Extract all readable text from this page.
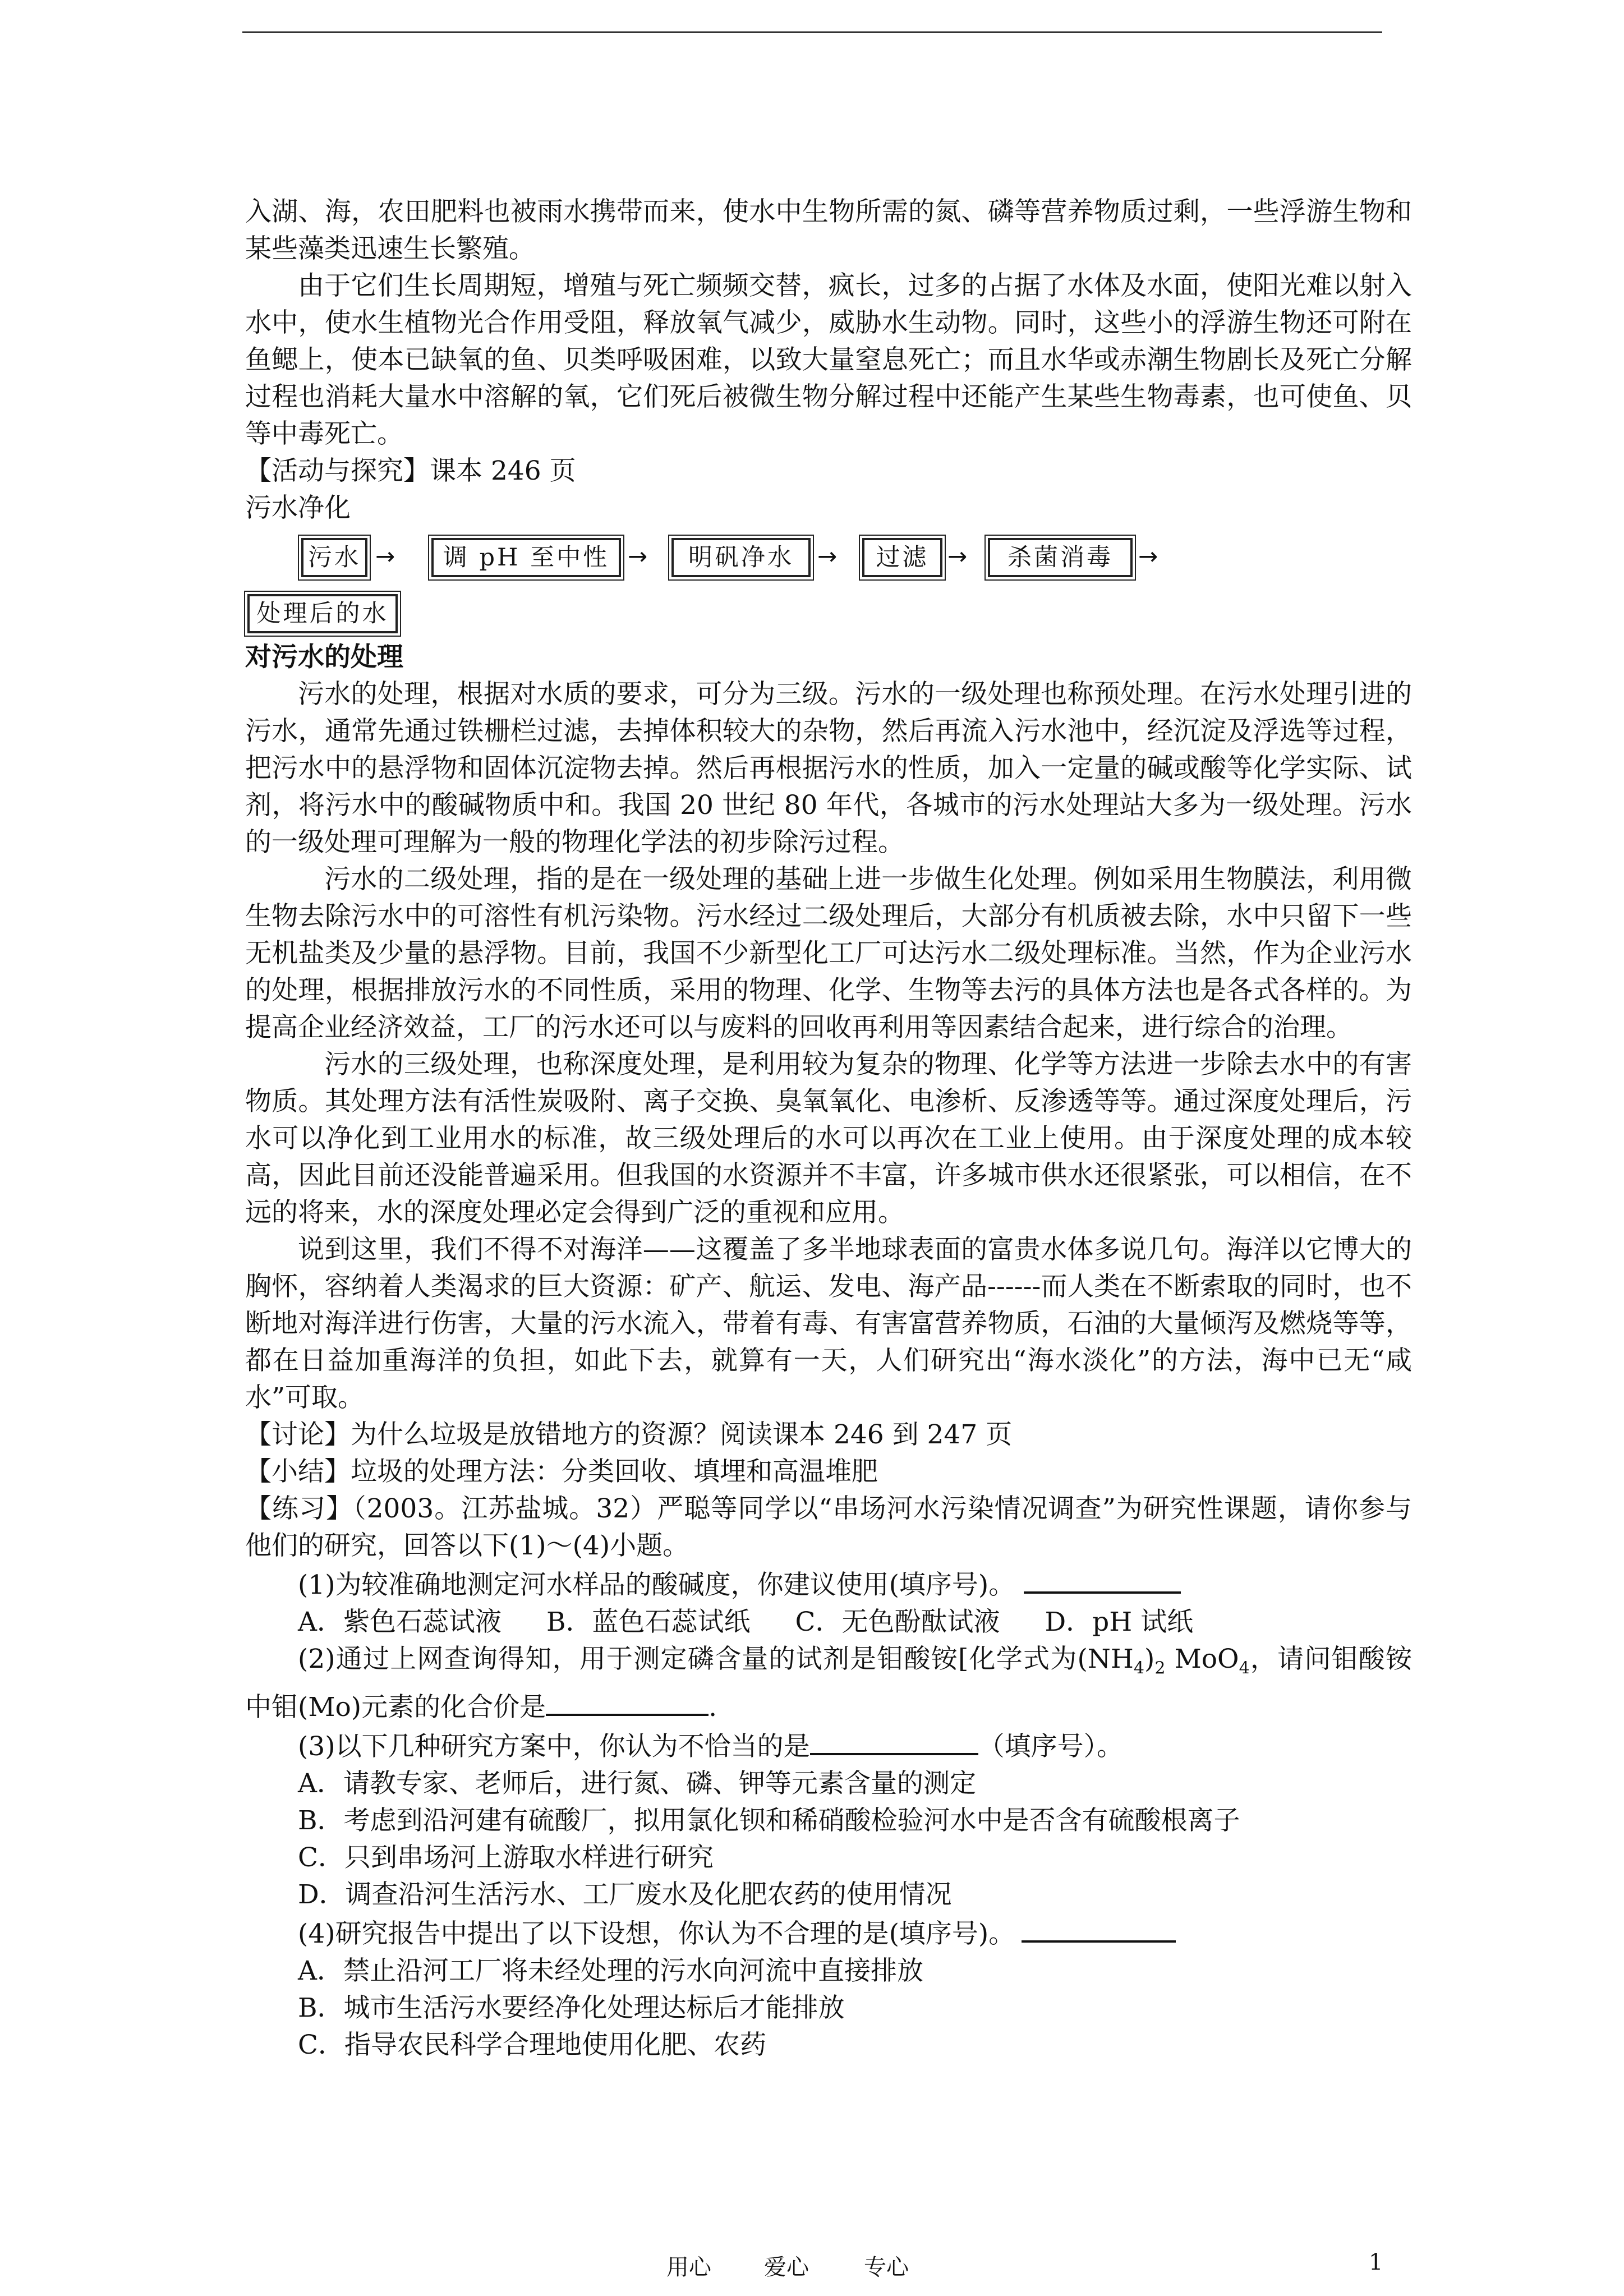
入湖、海，农田肥料也被雨水携带而来，使水中生物所需的氮、磷等营养物质过剩，一些浮游生物和某些藻类迅速生长繁殖。

由于它们生长周期短，增殖与死亡频频交替，疯长，过多的占据了水体及水面，使阳光难以射入水中，使水生植物光合作用受阻，释放氧气减少，威胁水生动物。同时，这些小的浮游生物还可附在鱼鳃上，使本已缺氧的鱼、贝类呼吸困难，以致大量窒息死亡；而且水华或赤潮生物剧长及死亡分解过程也消耗大量水中溶解的氧，它们死后被微生物分解过程中还能产生某些生物毒素，也可使鱼、贝等中毒死亡。

【活动与探究】课本 246 页

污水净化

污水 →	调 pH 至中性 →	明矾净水	→	过滤 →	杀菌消毒	→
处理后的水

对污水的处理

污水的处理，根据对水质的要求，可分为三级。污水的一级处理也称预处理。在污水处理引进的污水，通常先通过铁栅栏过滤，去掉体积较大的杂物，然后再流入污水池中，经沉淀及浮选等过程，把污水中的悬浮物和固体沉淀物去掉。然后再根据污水的性质，加入一定量的碱或酸等化学实际、试剂，将污水中的酸碱物质中和。我国 20 世纪 80 年代，各城市的污水处理站大多为一级处理。污水的一级处理可理解为一般的物理化学法的初步除污过程。

污水的二级处理，指的是在一级处理的基础上进一步做生化处理。例如采用生物膜法，利用微生物去除污水中的可溶性有机污染物。污水经过二级处理后，大部分有机质被去除，水中只留下一些无机盐类及少量的悬浮物。目前，我国不少新型化工厂可达污水二级处理标准。当然，作为企业污水的处理，根据排放污水的不同性质，采用的物理、化学、生物等去污的具体方法也是各式各样的。为提高企业经济效益，工厂的污水还可以与废料的回收再利用等因素结合起来，进行综合的治理。

污水的三级处理，也称深度处理，是利用较为复杂的物理、化学等方法进一步除去水中的有害物质。其处理方法有活性炭吸附、离子交换、臭氧氧化、电渗析、反渗透等等。通过深度处理后，污水可以净化到工业用水的标准，故三级处理后的水可以再次在工业上使用。由于深度处理的成本较高，因此目前还没能普遍采用。但我国的水资源并不丰富，许多城市供水还很紧张，可以相信，在不远的将来，水的深度处理必定会得到广泛的重视和应用。

说到这里，我们不得不对海洋——这覆盖了多半地球表面的富贵水体多说几句。海洋以它博大的胸怀，容纳着人类渴求的巨大资源：矿产、航运、发电、海产品------而人类在不断索取的同时，也不断地对海洋进行伤害，大量的污水流入，带着有毒、有害富营养物质，石油的大量倾泻及燃烧等等，都在日益加重海洋的负担，如此下去，就算有一天，人们研究出“海水淡化”的方法，海中已无“咸水”可取。

【讨论】为什么垃圾是放错地方的资源？阅读课本 246 到 247 页

【小结】垃圾的处理方法：分类回收、填埋和高温堆肥

【练习】（2003。江苏盐城。32）严聪等同学以“串场河水污染情况调查”为研究性课题，请你参与他们的研究，回答以下(1)～(4)小题。

(1)为较准确地测定河水样品的酸碱度，你建议使用(填序号)。

A．紫色石蕊试液 B．蓝色石蕊试纸 C．无色酚酞试液 D．pH 试纸

(2)通过上网查询得知，用于测定磷含量的试剂是钼酸铵[化学式为$(NH_4)_2$ MoO$_4$，请问钼酸铵中钼(Mo)元素的化合价是	.

(3)以下几种研究方案中，你认为不恰当的是	（填序号）。

A．请教专家、老师后，进行氮、磷、钾等元素含量的测定

B．考虑到沿河建有硫酸厂，拟用氯化钡和稀硝酸检验河水中是否含有硫酸根离子

C．只到串场河上游取水样进行研究

D．调查沿河生活污水、工厂废水及化肥农药的使用情况

(4)研究报告中提出了以下设想，你认为不合理的是(填序号)。

A．禁止沿河工厂将未经处理的污水向河流中直接排放

B．城市生活污水要经净化处理达标后才能排放

C．指导农民科学合理地使用化肥、农药

用心 爱心 专心	1
